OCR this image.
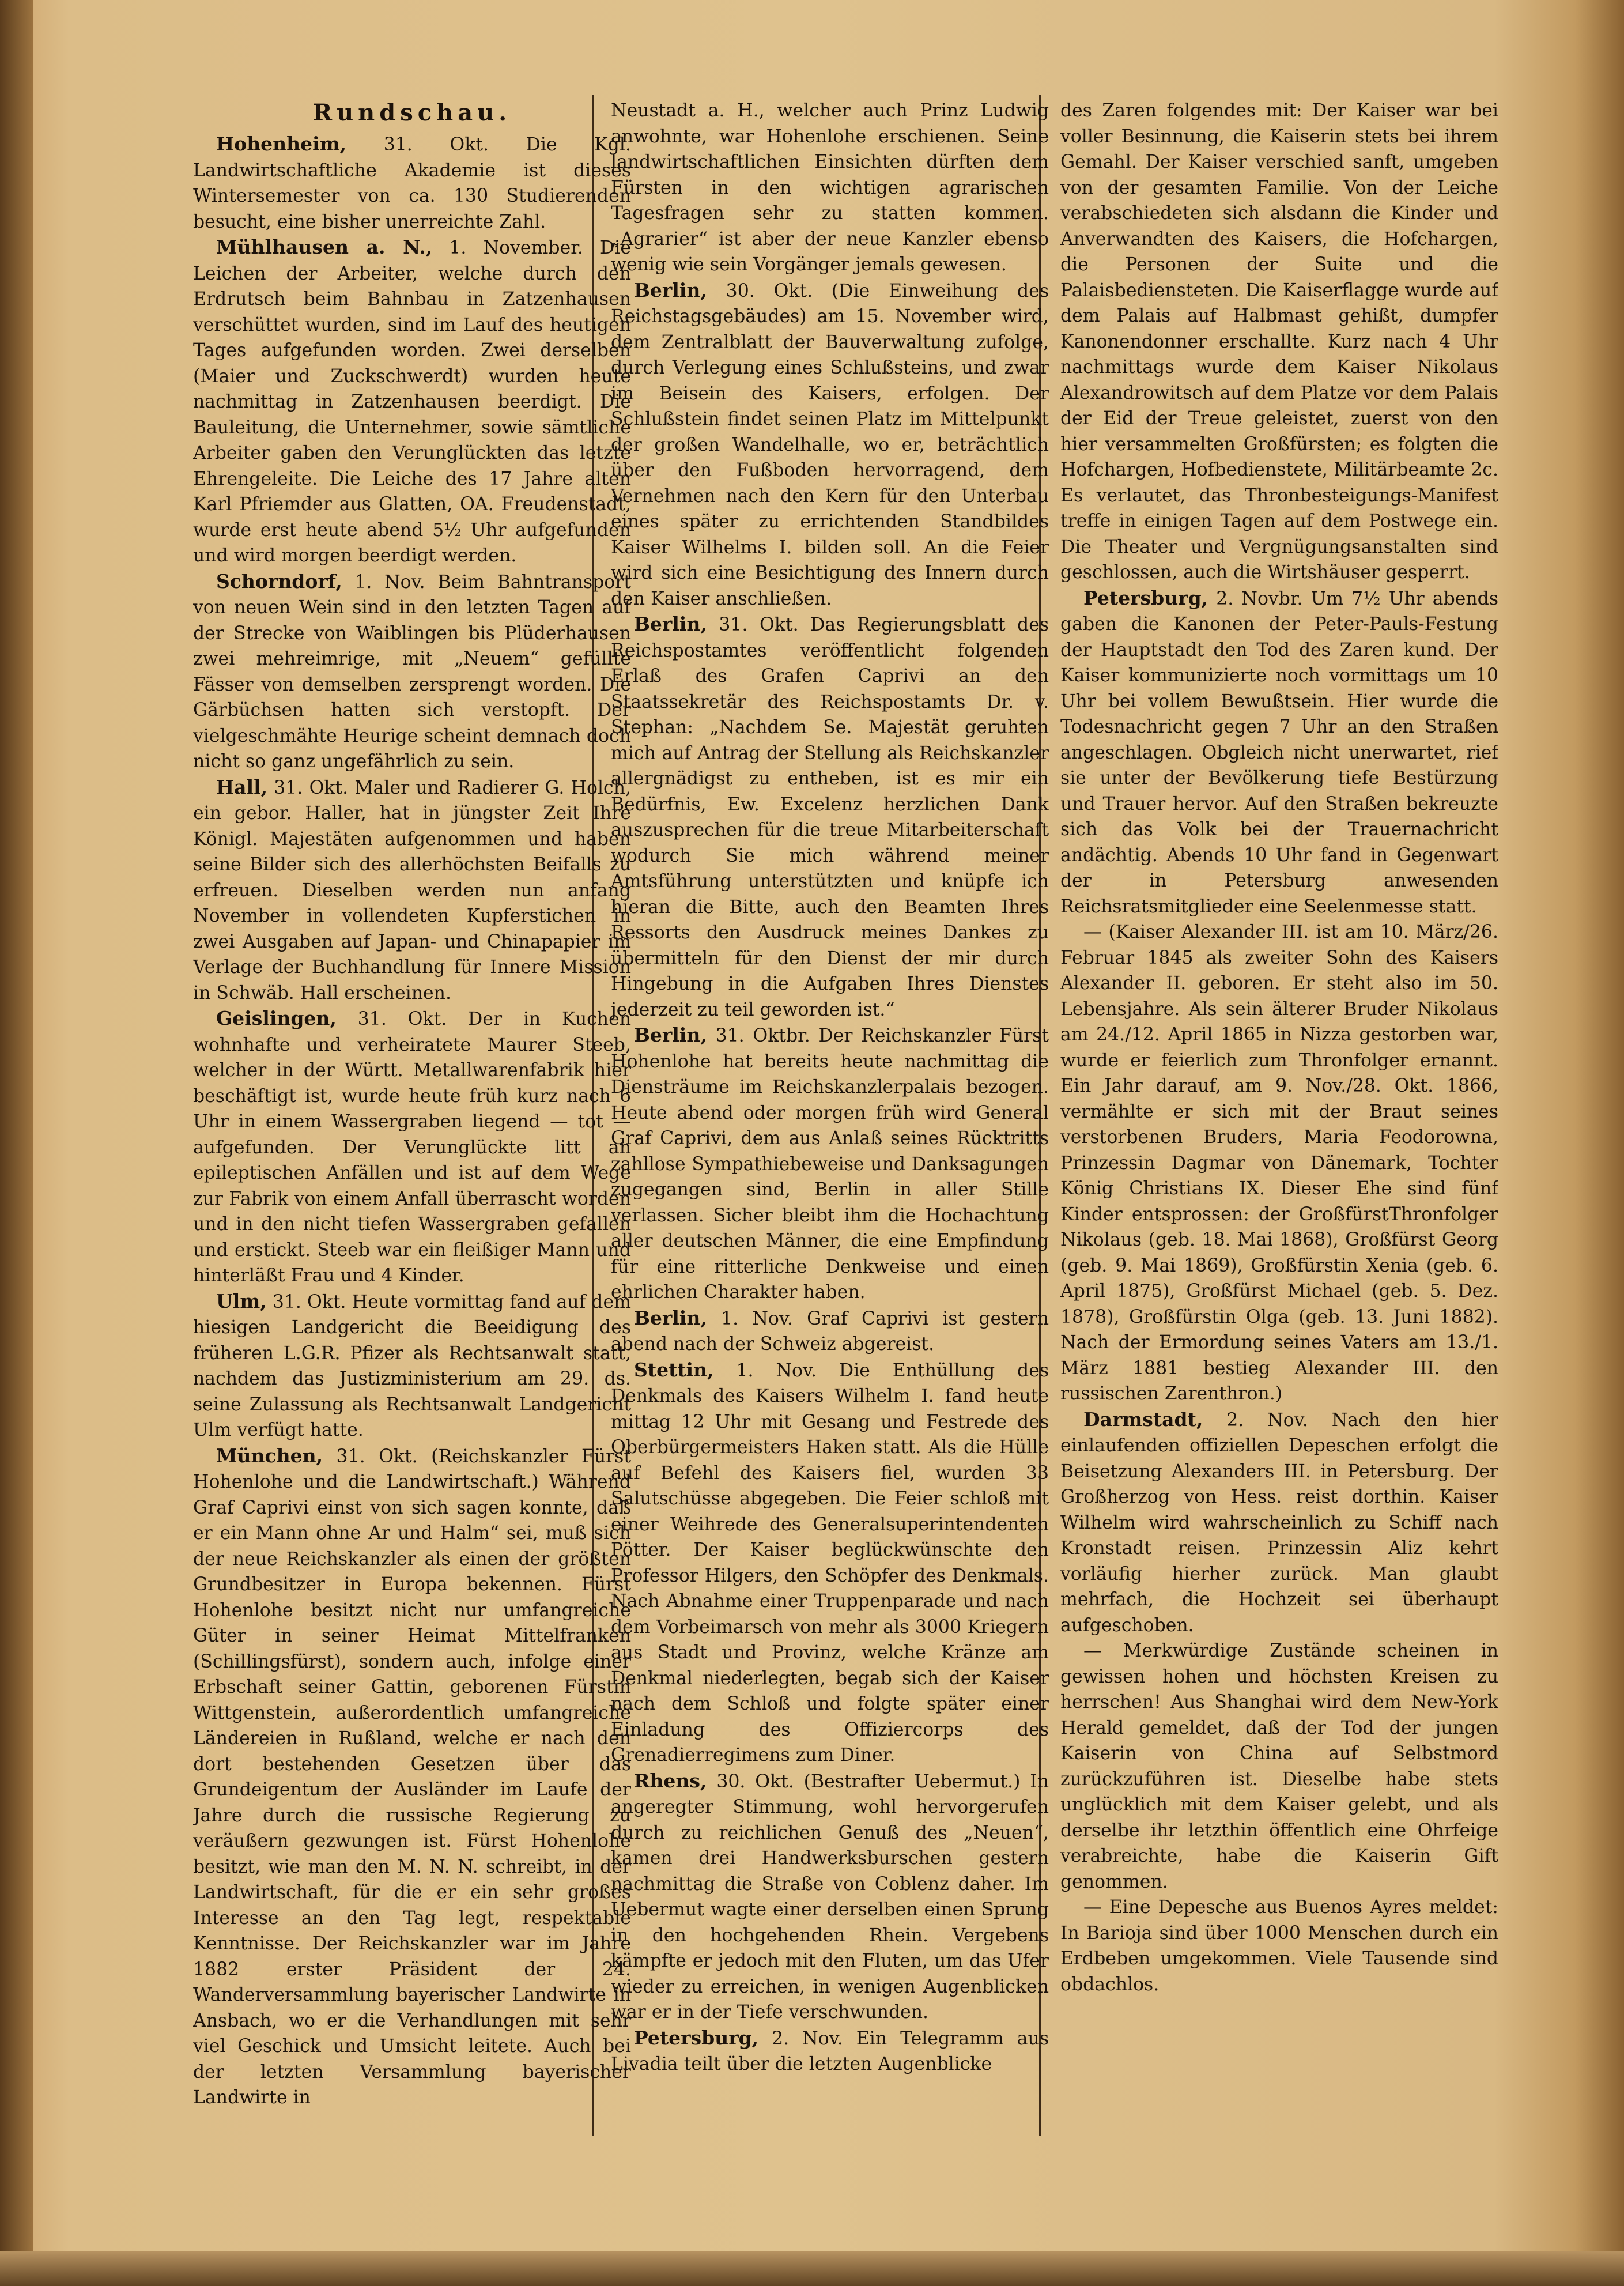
Rundschau.

Hohenheim, 31. Okt. Die Kgl. Landwirtschaftliche Akademie ist dieses Wintersemester von ca. 130 Studierenden besucht, eine bisher unerreichte Zahl.

Mühlhausen a. N., 1. November. Die Leichen der Arbeiter, welche durch den Erdrutsch beim Bahnbau in Zatzenhausen verschüttet wurden, sind im Lauf des heutigen Tages aufgefunden worden. Zwei derselben (Maier und Zuckschwerdt) wurden heute nachmittag in Zatzenhausen beerdigt. Die Bauleitung, die Unternehmer, sowie sämtliche Arbeiter gaben den Verunglückten das letzte Ehrengeleite. Die Leiche des 17 Jahre alten Karl Pfriemder aus Glatten, OA. Freudenstadt, wurde erst heute abend 5½ Uhr aufgefunden und wird morgen beerdigt werden.

Schorndorf, 1. Nov. Beim Bahntransport von neuen Wein sind in den letzten Tagen auf der Strecke von Waiblingen bis Plüderhausen zwei mehreimrige, mit „Neuem“ gefüllte Fässer von demselben zersprengt worden. Die Gärbüchsen hatten sich verstopft. Der vielgeschmähte Heurige scheint demnach doch nicht so ganz ungefährlich zu sein.

Hall, 31. Okt. Maler und Radierer G. Holch, ein gebor. Haller, hat in jüngster Zeit Ihre Königl. Majestäten aufgenommen und haben seine Bilder sich des allerhöchsten Beifalls zu erfreuen. Dieselben werden nun anfang November in vollendeten Kupferstichen in zwei Ausgaben auf Japan- und Chinapapier im Verlage der Buchhandlung für Innere Mission in Schwäb. Hall erscheinen.

Geislingen, 31. Okt. Der in Kuchen wohnhafte und verheiratete Maurer Steeb, welcher in der Württ. Metallwarenfabrik hier beschäftigt ist, wurde heute früh kurz nach 6 Uhr in einem Wassergraben liegend — tot — aufgefunden. Der Verunglückte litt an epileptischen Anfällen und ist auf dem Wege zur Fabrik von einem Anfall überrascht worden und in den nicht tiefen Wassergraben gefallen und erstickt. Steeb war ein fleißiger Mann und hinterläßt Frau und 4 Kinder.

Ulm, 31. Okt. Heute vormittag fand auf dem hiesigen Landgericht die Beeidigung des früheren L.G.R. Pfizer als Rechtsanwalt statt, nachdem das Justizministerium am 29. ds. seine Zulassung als Rechtsanwalt Landgericht Ulm verfügt hatte.

München, 31. Okt. (Reichskanzler Fürst Hohenlohe und die Landwirtschaft.) Während Graf Caprivi einst von sich sagen konnte, daß er ein Mann ohne Ar und Halm“ sei, muß sich der neue Reichskanzler als einen der größten Grundbesitzer in Europa bekennen. Fürst Hohenlohe besitzt nicht nur umfangreiche Güter in seiner Heimat Mittelfranken (Schillingsfürst), sondern auch, infolge einer Erbschaft seiner Gattin, geborenen Fürstin Wittgenstein, außerordentlich umfangreiche Ländereien in Rußland, welche er nach den dort bestehenden Gesetzen über das Grundeigentum der Ausländer im Laufe der Jahre durch die russische Regierung zu veräußern gezwungen ist. Fürst Hohenlohe besitzt, wie man den M. N. N. schreibt, in der Landwirtschaft, für die er ein sehr großes Interesse an den Tag legt, respektable Kenntnisse. Der Reichskanzler war im Jahre 1882 erster Präsident der 24. Wanderversammlung bayerischer Landwirte in Ansbach, wo er die Verhandlungen mit sehr viel Geschick und Umsicht leitete. Auch bei der letzten Versammlung bayerischer Landwirte in

Neustadt a. H., welcher auch Prinz Ludwig anwohnte, war Hohenlohe erschienen. Seine landwirtschaftlichen Einsichten dürften dem Fürsten in den wichtigen agrarischen Tagesfragen sehr zu statten kommen. „Agrarier“ ist aber der neue Kanzler ebenso wenig wie sein Vorgänger jemals gewesen.

Berlin, 30. Okt. (Die Einweihung des Reichstagsgebäudes) am 15. November wird, dem Zentralblatt der Bauverwaltung zufolge, durch Verlegung eines Schlußsteins, und zwar im Beisein des Kaisers, erfolgen. Der Schlußstein findet seinen Platz im Mittelpunkt der großen Wandelhalle, wo er, beträchtlich über den Fußboden hervorragend, dem Vernehmen nach den Kern für den Unterbau eines später zu errichtenden Standbildes Kaiser Wilhelms I. bilden soll. An die Feier wird sich eine Besichtigung des Innern durch den Kaiser anschließen.

Berlin, 31. Okt. Das Regierungsblatt des Reichspostamtes veröffentlicht folgenden Erlaß des Grafen Caprivi an den Staatssekretär des Reichspostamts Dr. v. Stephan: „Nachdem Se. Majestät geruhten mich auf Antrag der Stellung als Reichskanzler allergnädigst zu entheben, ist es mir ein Bedürfnis, Ew. Excelenz herzlichen Dank auszusprechen für die treue Mitarbeiterschaft wodurch Sie mich während meiner Amtsführung unterstützten und knüpfe ich hieran die Bitte, auch den Beamten Ihres Ressorts den Ausdruck meines Dankes zu übermitteln für den Dienst der mir durch Hingebung in die Aufgaben Ihres Dienstes jederzeit zu teil geworden ist.“

Berlin, 31. Oktbr. Der Reichskanzler Fürst Hohenlohe hat bereits heute nachmittag die Diensträume im Reichskanzlerpalais bezogen. Heute abend oder morgen früh wird General Graf Caprivi, dem aus Anlaß seines Rücktritts zahllose Sympathiebeweise und Danksagungen zugegangen sind, Berlin in aller Stille verlassen. Sicher bleibt ihm die Hochachtung aller deutschen Männer, die eine Empfindung für eine ritterliche Denkweise und einen ehrlichen Charakter haben.

Berlin, 1. Nov. Graf Caprivi ist gestern abend nach der Schweiz abgereist.

Stettin, 1. Nov. Die Enthüllung des Denkmals des Kaisers Wilhelm I. fand heute mittag 12 Uhr mit Gesang und Festrede des Oberbürgermeisters Haken statt. Als die Hülle auf Befehl des Kaisers fiel, wurden 33 Salutschüsse abgegeben. Die Feier schloß mit einer Weihrede des Generalsuperintendenten Pötter. Der Kaiser beglückwünschte den Professor Hilgers, den Schöpfer des Denkmals. Nach Abnahme einer Truppenparade und nach dem Vorbeimarsch von mehr als 3000 Kriegern aus Stadt und Provinz, welche Kränze am Denkmal niederlegten, begab sich der Kaiser nach dem Schloß und folgte später einer Einladung des Offiziercorps des Grenadierregimens zum Diner.

Rhens, 30. Okt. (Bestrafter Uebermut.) In angeregter Stimmung, wohl hervorgerufen durch zu reichlichen Genuß des „Neuen“, kamen drei Handwerksburschen gestern nachmittag die Straße von Coblenz daher. Im Uebermut wagte einer derselben einen Sprung in den hochgehenden Rhein. Vergebens kämpfte er jedoch mit den Fluten, um das Ufer wieder zu erreichen, in wenigen Augenblicken war er in der Tiefe verschwunden.

Petersburg, 2. Nov. Ein Telegramm aus Livadia teilt über die letzten Augenblicke

des Zaren folgendes mit: Der Kaiser war bei voller Besinnung, die Kaiserin stets bei ihrem Gemahl. Der Kaiser verschied sanft, umgeben von der gesamten Familie. Von der Leiche verabschiedeten sich alsdann die Kinder und Anverwandten des Kaisers, die Hofchargen, die Personen der Suite und die Palaisbediensteten. Die Kaiserflagge wurde auf dem Palais auf Halbmast gehißt, dumpfer Kanonendonner erschallte. Kurz nach 4 Uhr nachmittags wurde dem Kaiser Nikolaus Alexandrowitsch auf dem Platze vor dem Palais der Eid der Treue geleistet, zuerst von den hier versammelten Großfürsten; es folgten die Hofchargen, Hofbedienstete, Militärbeamte 2c. Es verlautet, das Thronbesteigungs-Manifest treffe in einigen Tagen auf dem Postwege ein. Die Theater und Vergnügungsanstalten sind geschlossen, auch die Wirtshäuser gesperrt.

Petersburg, 2. Novbr. Um 7½ Uhr abends gaben die Kanonen der Peter-Pauls-Festung der Hauptstadt den Tod des Zaren kund. Der Kaiser kommunizierte noch vormittags um 10 Uhr bei vollem Bewußtsein. Hier wurde die Todesnachricht gegen 7 Uhr an den Straßen angeschlagen. Obgleich nicht unerwartet, rief sie unter der Bevölkerung tiefe Bestürzung und Trauer hervor. Auf den Straßen bekreuzte sich das Volk bei der Trauernachricht andächtig. Abends 10 Uhr fand in Gegenwart der in Petersburg anwesenden Reichsratsmitglieder eine Seelenmesse statt.

— (Kaiser Alexander III. ist am 10. März/26. Februar 1845 als zweiter Sohn des Kaisers Alexander II. geboren. Er steht also im 50. Lebensjahre. Als sein älterer Bruder Nikolaus am 24./12. April 1865 in Nizza gestorben war, wurde er feierlich zum Thronfolger ernannt. Ein Jahr darauf, am 9. Nov./28. Okt. 1866, vermählte er sich mit der Braut seines verstorbenen Bruders, Maria Feodorowna, Prinzessin Dagmar von Dänemark, Tochter König Christians IX. Dieser Ehe sind fünf Kinder entsprossen: der GroßfürstThronfolger Nikolaus (geb. 18. Mai 1868), Großfürst Georg (geb. 9. Mai 1869), Großfürstin Xenia (geb. 6. April 1875), Großfürst Michael (geb. 5. Dez. 1878), Großfürstin Olga (geb. 13. Juni 1882). Nach der Ermordung seines Vaters am 13./1. März 1881 bestieg Alexander III. den russischen Zarenthron.)

Darmstadt, 2. Nov. Nach den hier einlaufenden offiziellen Depeschen erfolgt die Beisetzung Alexanders III. in Petersburg. Der Großherzog von Hess. reist dorthin. Kaiser Wilhelm wird wahrscheinlich zu Schiff nach Kronstadt reisen. Prinzessin Aliz kehrt vorläufig hierher zurück. Man glaubt mehrfach, die Hochzeit sei überhaupt aufgeschoben.

— Merkwürdige Zustände scheinen in gewissen hohen und höchsten Kreisen zu herrschen! Aus Shanghai wird dem New-York Herald gemeldet, daß der Tod der jungen Kaiserin von China auf Selbstmord zurückzuführen ist. Dieselbe habe stets unglücklich mit dem Kaiser gelebt, und als derselbe ihr letzthin öffentlich eine Ohrfeige verabreichte, habe die Kaiserin Gift genommen.

— Eine Depesche aus Buenos Ayres meldet: In Barioja sind über 1000 Menschen durch ein Erdbeben umgekommen. Viele Tausende sind obdachlos.
